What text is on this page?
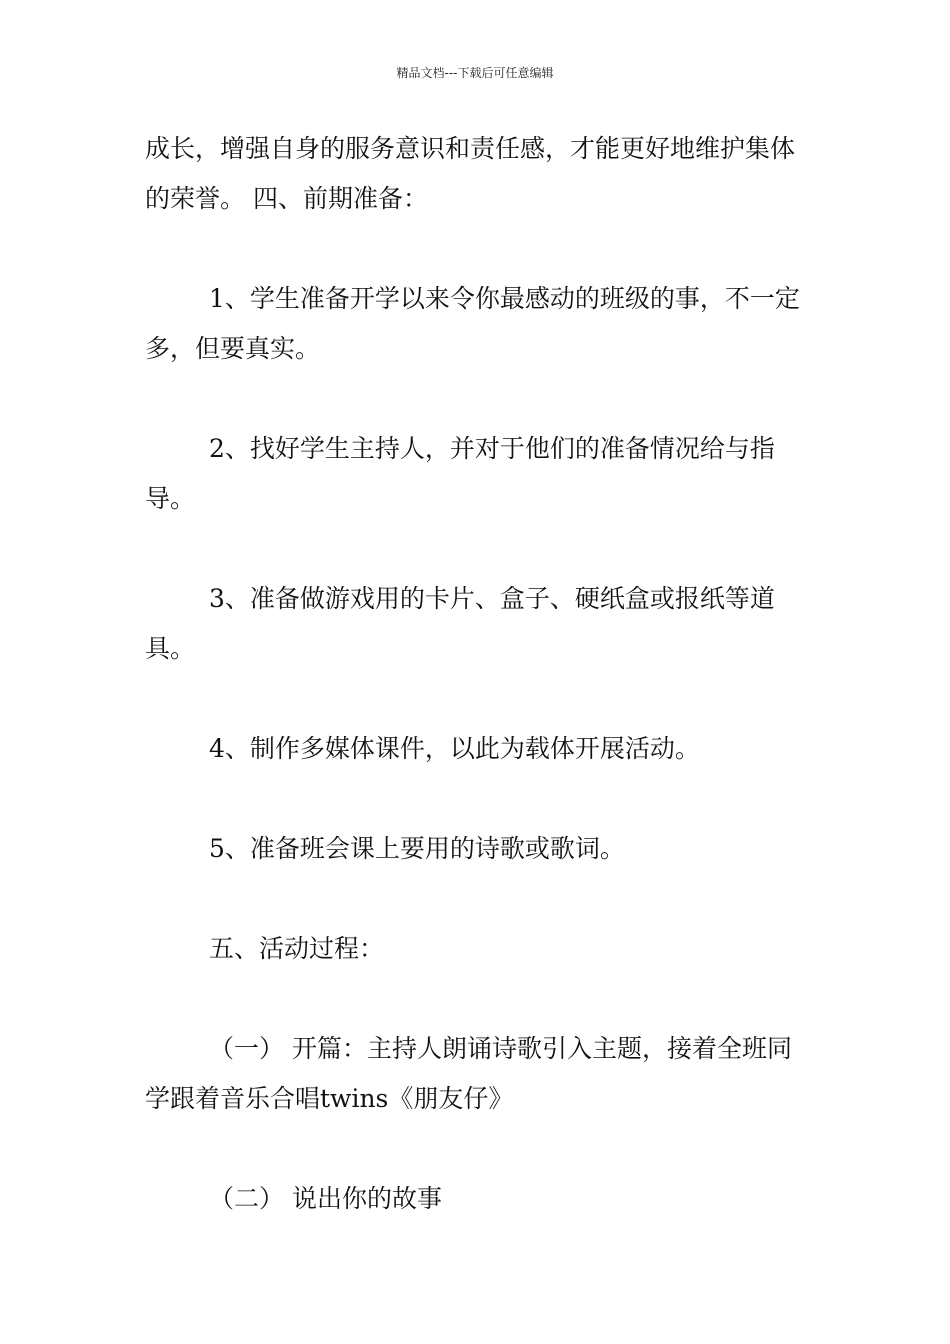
精品文档---下载后可任意编辑

成长，增强自身的服务意识和责任感，才能更好地维护集体的荣誉。 四、前期准备：

1、学生准备开学以来令你最感动的班级的事，不一定多，但要真实。

2、找好学生主持人，并对于他们的准备情况给与指导。

3、准备做游戏用的卡片、盒子、硬纸盒或报纸等道具。

4、制作多媒体课件，以此为载体开展活动。

5、准备班会课上要用的诗歌或歌词。

五、活动过程：

（一） 开篇：主持人朗诵诗歌引入主题，接着全班同学跟着音乐合唱twins《朋友仔》

（二） 说出你的故事
